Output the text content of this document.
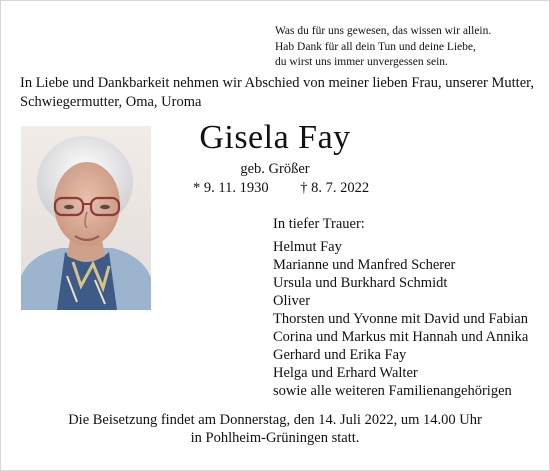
Was du für uns gewesen, das wissen wir allein.
Hab Dank für all dein Tun und deine Liebe,
du wirst uns immer unvergessen sein.
In Liebe und Dankbarkeit nehmen wir Abschied von meiner lieben Frau, unserer Mutter, Schwiegermutter, Oma, Uroma
Gisela Fay
geb. Größer
* 9. 11. 1930 † 8. 7. 2022
In tiefer Trauer:
Helmut Fay
Marianne und Manfred Scherer
Ursula und Burkhard Schmidt
Oliver
Thorsten und Yvonne mit David und Fabian
Corina und Markus mit Hannah und Annika
Gerhard und Erika Fay
Helga und Erhard Walter
sowie alle weiteren Familienangehörigen
Die Beisetzung findet am Donnerstag, den 14. Juli 2022, um 14.00 Uhr
in Pohlheim-Grüningen statt.
